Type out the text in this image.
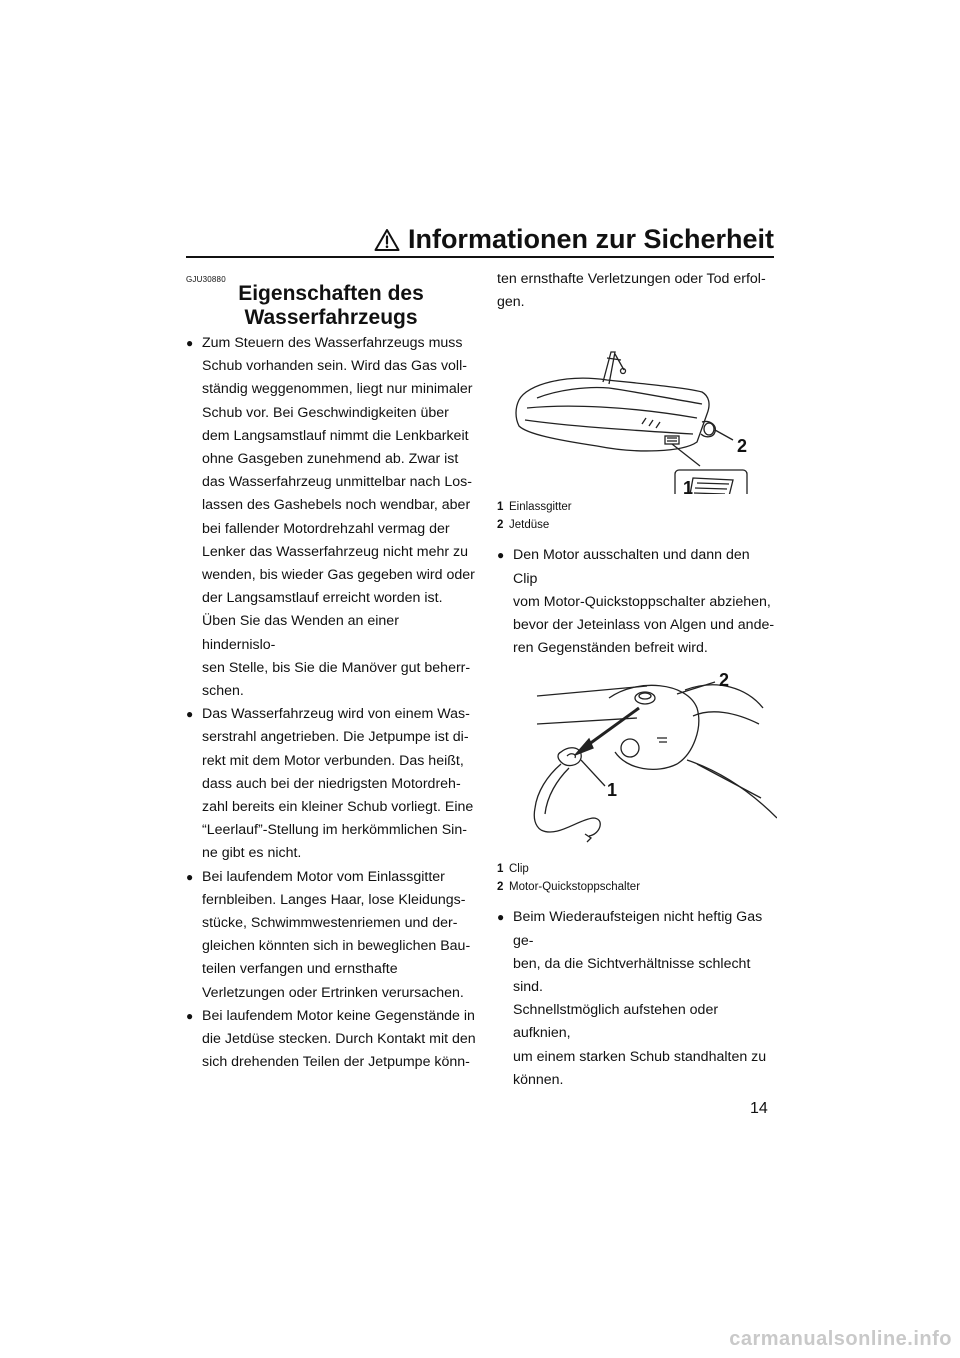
Informationen zur Sicherheit
GJU30880
Eigenschaften des
Wasserfahrzeugs
● Zum Steuern des Wasserfahrzeugs muss
Schub vorhanden sein. Wird das Gas voll-
ständig weggenommen, liegt nur minimaler
Schub vor. Bei Geschwindigkeiten über
dem Langsamstlauf nimmt die Lenkbarkeit
ohne Gasgeben zunehmend ab. Zwar ist
das Wasserfahrzeug unmittelbar nach Los-
lassen des Gashebels noch wendbar, aber
bei fallender Motordrehzahl vermag der
Lenker das Wasserfahrzeug nicht mehr zu
wenden, bis wieder Gas gegeben wird oder
der Langsamstlauf erreicht worden ist.
Üben Sie das Wenden an einer hindernislo-
sen Stelle, bis Sie die Manöver gut beherr-
schen.
● Das Wasserfahrzeug wird von einem Was-
serstrahl angetrieben. Die Jetpumpe ist di-
rekt mit dem Motor verbunden. Das heißt,
dass auch bei der niedrigsten Motordreh-
zahl bereits ein kleiner Schub vorliegt. Eine
“Leerlauf”-Stellung im herkömmlichen Sin-
ne gibt es nicht.
● Bei laufendem Motor vom Einlassgitter
fernbleiben. Langes Haar, lose Kleidungs-
stücke, Schwimmwestenriemen und der-
gleichen könnten sich in beweglichen Bau-
teilen verfangen und ernsthafte
Verletzungen oder Ertrinken verursachen.
● Bei laufendem Motor keine Gegenstände in
die Jetdüse stecken. Durch Kontakt mit den
sich drehenden Teilen der Jetpumpe könn-
ten ernsthafte Verletzungen oder Tod erfol-
gen.
1
2
1 Einlassgitter
2 Jetdüse
● Den Motor ausschalten und dann den Clip
vom Motor-Quickstoppschalter abziehen,
bevor der Jeteinlass von Algen und ande-
ren Gegenständen befreit wird.
2
1
1 Clip
2 Motor-Quickstoppschalter
● Beim Wiederaufsteigen nicht heftig Gas ge-
ben, da die Sichtverhältnisse schlecht sind.
Schnellstmöglich aufstehen oder aufknien,
um einem starken Schub standhalten zu
können.
14
carmanualsonline.info
